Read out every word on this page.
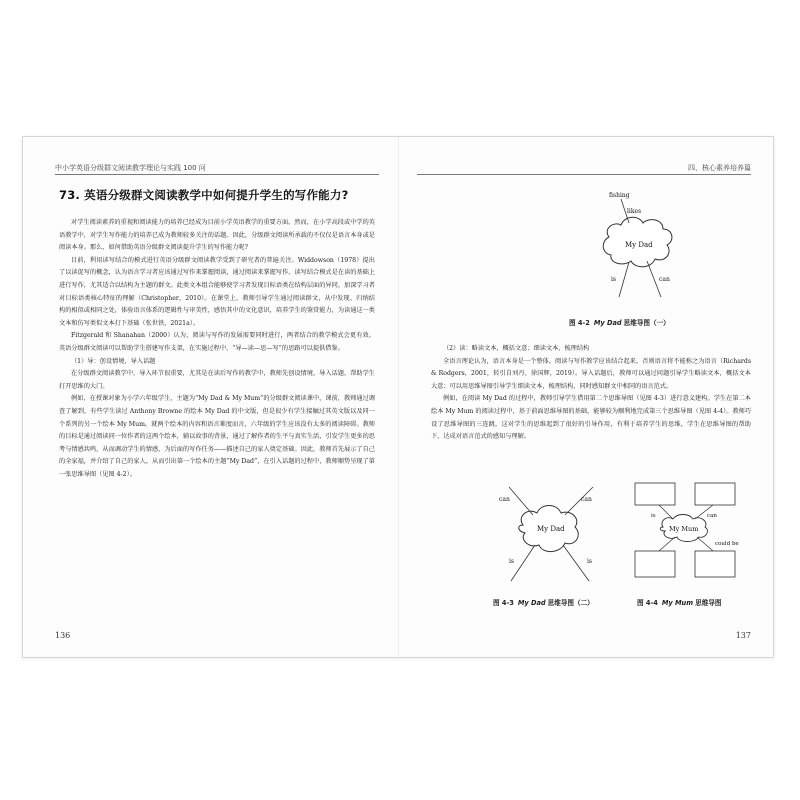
中小学英语分级群文阅读教学理论与实践 100 问
73. 英语分级群文阅读教学中如何提升学生的写作能力?

对学生阅读素养的重视和阅读能力的培养已经成为目前小学英语教学的重要方面。然而，在小学高段或中学的英语教学中，对学生写作能力的培养已成为教师较多关注的话题。因此，分级群文阅读所承载的不仅仅是语言本身或是阅读本身。那么，如何借助英语分级群文阅读提升学生的写作能力呢?

目前，利用读写结合的模式进行英语分级群文阅读教学受到了研究者的普遍关注。Widdowson（1978）提出了以读促写的概念，认为语言学习者应该通过写作来掌握阅读，通过阅读来掌握写作。读写结合模式是在读的基础上进行写作，尤其适合以结构为主题的群文。此类文本组合能够使学习者发现目标语类在结构层面的异同，加深学习者对目标语类核心特征的理解（Christopher，2010）。在课堂上，教师引导学生通过阅读群文，从中发现、归纳结构的相似或相同之处，体验语言体系的逻辑性与审美性，感悟其中的文化意识，培养学生的鉴赏能力，为读通这一类文本和仿写类似文本打下基础（张世铁，2021a）。

Fitzgerald 和 Shanahan（2000）认为，阅读与写作的发展需要同时进行，两者结合的教学模式会更有效。英语分级群文阅读可以帮助学生搭建写作支架，在实施过程中，“导—读—思—写”的思路可以提供借鉴。

（1）导：创设情境，导入话题

在分级群文阅读教学中，导入环节很重要，尤其是在读后写作的教学中，教师先创设情境，导入话题，帮助学生打开思维的大门。

例如，在授课对象为小学六年级学生，主题为“My Dad & My Mum”的分级群文阅读课中，课前，教师通过调查了解到，有些学生读过 Anthony Browne 的绘本 My Dad 的中文版，但是很少有学生接触过其英文版以及同一个系列的另一个绘本 My Mum。就两个绘本的内容和语言难度而言，六年级的学生应该没有太多的阅读障碍。教师的目标是通过阅读同一位作者的这两个绘本，辅以故事的背景，通过了解作者的生平与真实生活，引发学生更多的思考与情感共鸣，从而调动学生的情感，为后面的写作任务——描述自己的家人奠定基础。因此，教师首先展示了自己的全家福，并介绍了自己的家人，从而引出第一个绘本的主题“My Dad”，在引入话题的过程中，教师顺势呈现了第一张思维导图（见图 4-2）。

136
四、核心素养培养篇
My Dad
fishing
likes
is	can
图 4-2 My Dad 思维导图（一）

（2）读：略读文本，概括文意；细读文本，梳理结构

全语言理论认为，语言本身是一个整体，阅读与写作教学应该结合起来，否则语言将不能称之为语言（Richards & Rodgers，2001，转引自刘丹、徐国辉，2019）。导入话题后，教师可以通过问题引导学生略读文本，概括文本大意；可以用思维导图引导学生细读文本，梳理结构，同时感知群文中相同的语言范式。

例如，在阅读 My Dad 的过程中，教师引导学生借用第二个思维导图（见图 4-3）进行意义建构。学生在第二本绘本 My Mum 的阅读过程中，基于前面思维导图的基础，能够较为顺利地完成第三个思维导图（见图 4-4）。教师巧设了思维导图的三连跳，这对学生的思维起到了很好的引导作用，有利于培养学生的思维，学生在思维导图的帮助下，达成对语言范式的感知与理解。

My Dad
can	can
is	is
图 4-3 My Dad 思维导图（二）
My Mum
is	can
could be
图 4-4 My Mum 思维导图
137
